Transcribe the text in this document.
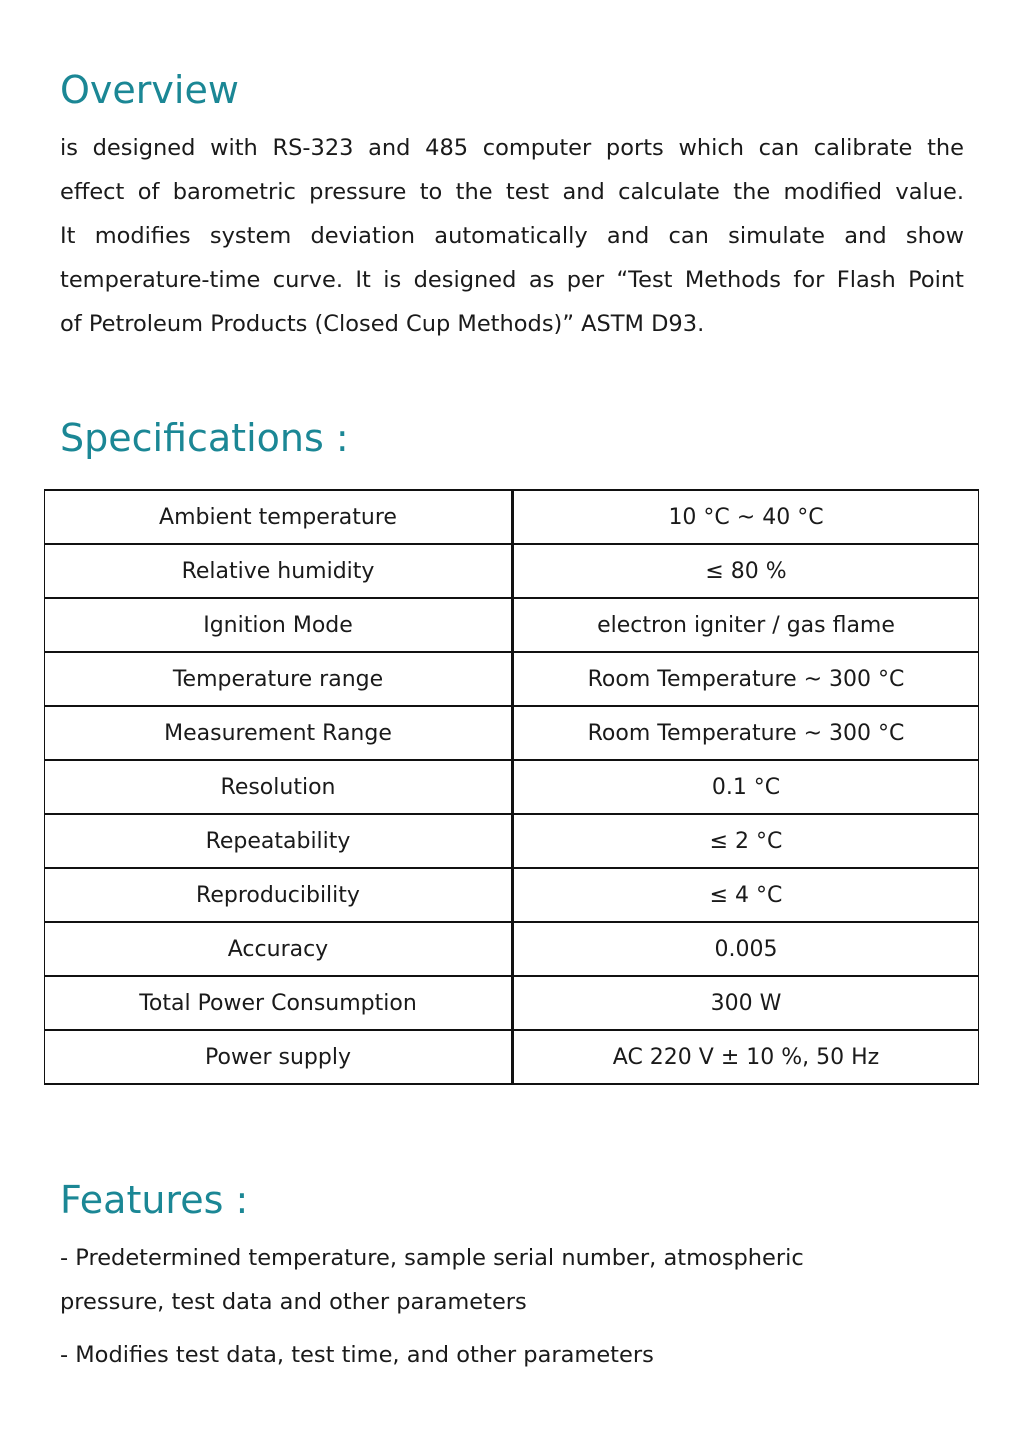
Overview

is designed with RS-323 and 485 computer ports which can calibrate the
effect of barometric pressure to the test and calculate the modified value.
It modifies system deviation automatically and can simulate and show
temperature-time curve. It is designed as per “Test Methods for Flash Point
of Petroleum Products (Closed Cup Methods)” ASTM D93.

Specifications :
Ambient temperature	10 °C ~ 40 °C
Relative humidity	≤ 80 %
Ignition Mode	electron igniter / gas flame
Temperature range	Room Temperature ~ 300 °C
Measurement Range	Room Temperature ~ 300 °C
Resolution	0.1 °C
Repeatability	≤ 2 °C
Reproducibility	≤ 4 °C
Accuracy	0.005
Total Power Consumption	300 W
Power supply	AC 220 V ± 10 %, 50 Hz
Features :

- Predetermined temperature, sample serial number, atmospheric

pressure, test data and other parameters

- Modifies test data, test time, and other parameters
